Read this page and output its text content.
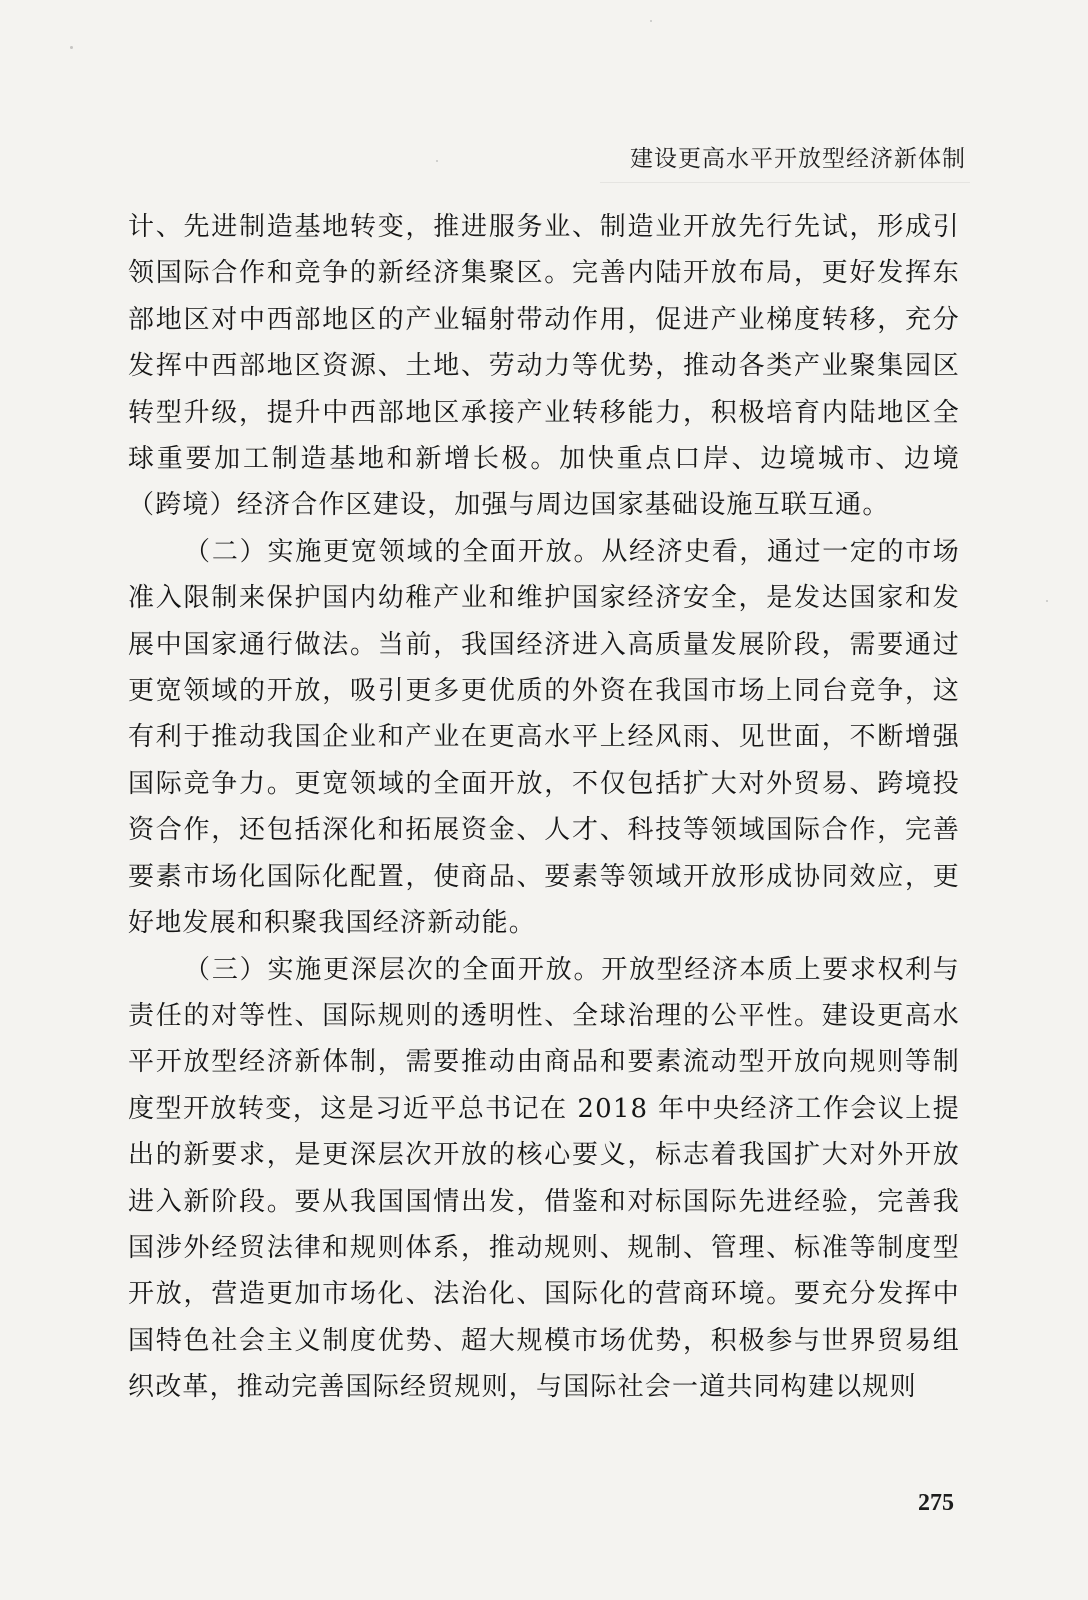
建设更高水平开放型经济新体制

计、先进制造基地转变，推进服务业、制造业开放先行先试，形成引领国际合作和竞争的新经济集聚区。完善内陆开放布局，更好发挥东部地区对中西部地区的产业辐射带动作用，促进产业梯度转移，充分发挥中西部地区资源、土地、劳动力等优势，推动各类产业聚集园区转型升级，提升中西部地区承接产业转移能力，积极培育内陆地区全球重要加工制造基地和新增长极。加快重点口岸、边境城市、边境（跨境）经济合作区建设，加强与周边国家基础设施互联互通。

（二）实施更宽领域的全面开放。从经济史看，通过一定的市场准入限制来保护国内幼稚产业和维护国家经济安全，是发达国家和发展中国家通行做法。当前，我国经济进入高质量发展阶段，需要通过更宽领域的开放，吸引更多更优质的外资在我国市场上同台竞争，这有利于推动我国企业和产业在更高水平上经风雨、见世面，不断增强国际竞争力。更宽领域的全面开放，不仅包括扩大对外贸易、跨境投资合作，还包括深化和拓展资金、人才、科技等领域国际合作，完善要素市场化国际化配置，使商品、要素等领域开放形成协同效应，更好地发展和积聚我国经济新动能。

（三）实施更深层次的全面开放。开放型经济本质上要求权利与责任的对等性、国际规则的透明性、全球治理的公平性。建设更高水平开放型经济新体制，需要推动由商品和要素流动型开放向规则等制度型开放转变，这是习近平总书记在 2018 年中央经济工作会议上提出的新要求，是更深层次开放的核心要义，标志着我国扩大对外开放进入新阶段。要从我国国情出发，借鉴和对标国际先进经验，完善我国涉外经贸法律和规则体系，推动规则、规制、管理、标准等制度型开放，营造更加市场化、法治化、国际化的营商环境。要充分发挥中国特色社会主义制度优势、超大规模市场优势，积极参与世界贸易组织改革，推动完善国际经贸规则，与国际社会一道共同构建以规则

275
